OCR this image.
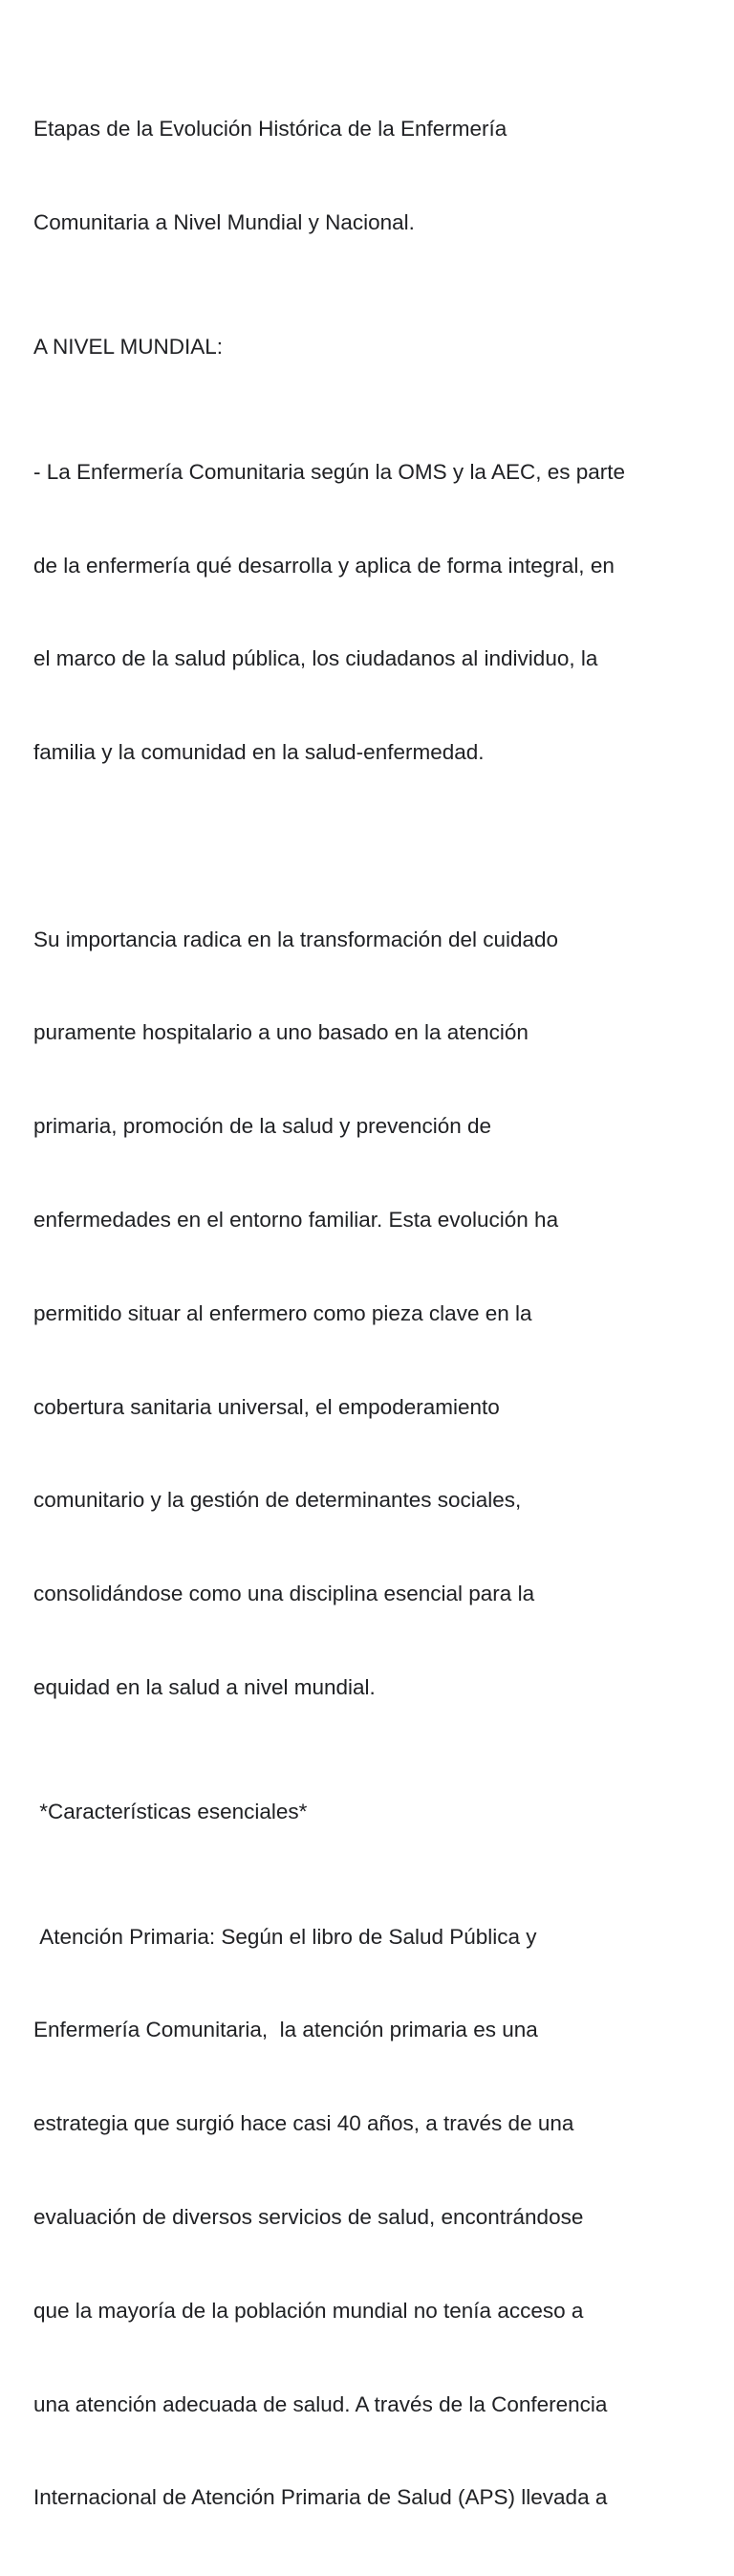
Etapas de la Evolución Histórica de la Enfermería

Comunitaria a Nivel Mundial y Nacional.

A NIVEL MUNDIAL:

- La Enfermería Comunitaria según la OMS y la AEC, es parte

de la enfermería qué desarrolla y aplica de forma integral, en

el marco de la salud pública, los ciudadanos al individuo, la

familia y la comunidad en la salud-enfermedad.

Su importancia radica en la transformación del cuidado

puramente hospitalario a uno basado en la atención

primaria, promoción de la salud y prevención de

enfermedades en el entorno familiar. Esta evolución ha

permitido situar al enfermero como pieza clave en la

cobertura sanitaria universal, el empoderamiento

comunitario y la gestión de determinantes sociales,

consolidándose como una disciplina esencial para la

equidad en la salud a nivel mundial.

*Características esenciales*

Atención Primaria: Según el libro de Salud Pública y

Enfermería Comunitaria,  la atención primaria es una

estrategia que surgió hace casi 40 años, a través de una

evaluación de diversos servicios de salud, encontrándose

que la mayoría de la población mundial no tenía acceso a

una atención adecuada de salud. A través de la Conferencia

Internacional de Atención Primaria de Salud (APS) llevada a
